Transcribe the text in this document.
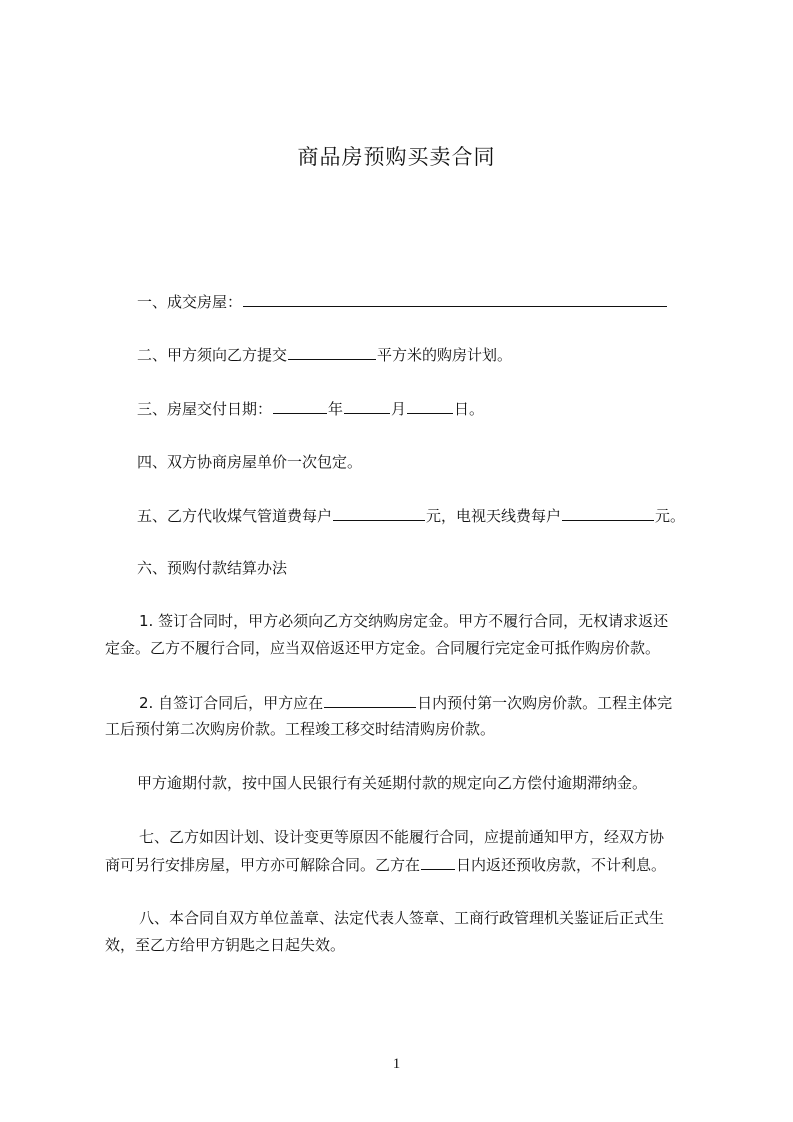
商品房预购买卖合同
一、成交房屋：
二、甲方须向乙方提交	平方米的购房计划。
三、房屋交付日期：	年	月	日。
四、双方协商房屋单价一次包定。
五、乙方代收煤气管道费每户	元，电视天线费每户	元。
六、预购付款结算办法
1. 签订合同时，甲方必须向乙方交纳购房定金。甲方不履行合同，无权请求返还
定金。乙方不履行合同，应当双倍返还甲方定金。合同履行完定金可抵作购房价款。
2. 自签订合同后，甲方应在	日内预付第一次购房价款。工程主体完
工后预付第二次购房价款。工程竣工移交时结清购房价款。
甲方逾期付款，按中国人民银行有关延期付款的规定向乙方偿付逾期滞纳金。
七、乙方如因计划、设计变更等原因不能履行合同，应提前通知甲方，经双方协
商可另行安排房屋，甲方亦可解除合同。乙方在 日内返还预收房款，不计利息。
八、本合同自双方单位盖章、法定代表人签章、工商行政管理机关鉴证后正式生
效，至乙方给甲方钥匙之日起失效。
1
